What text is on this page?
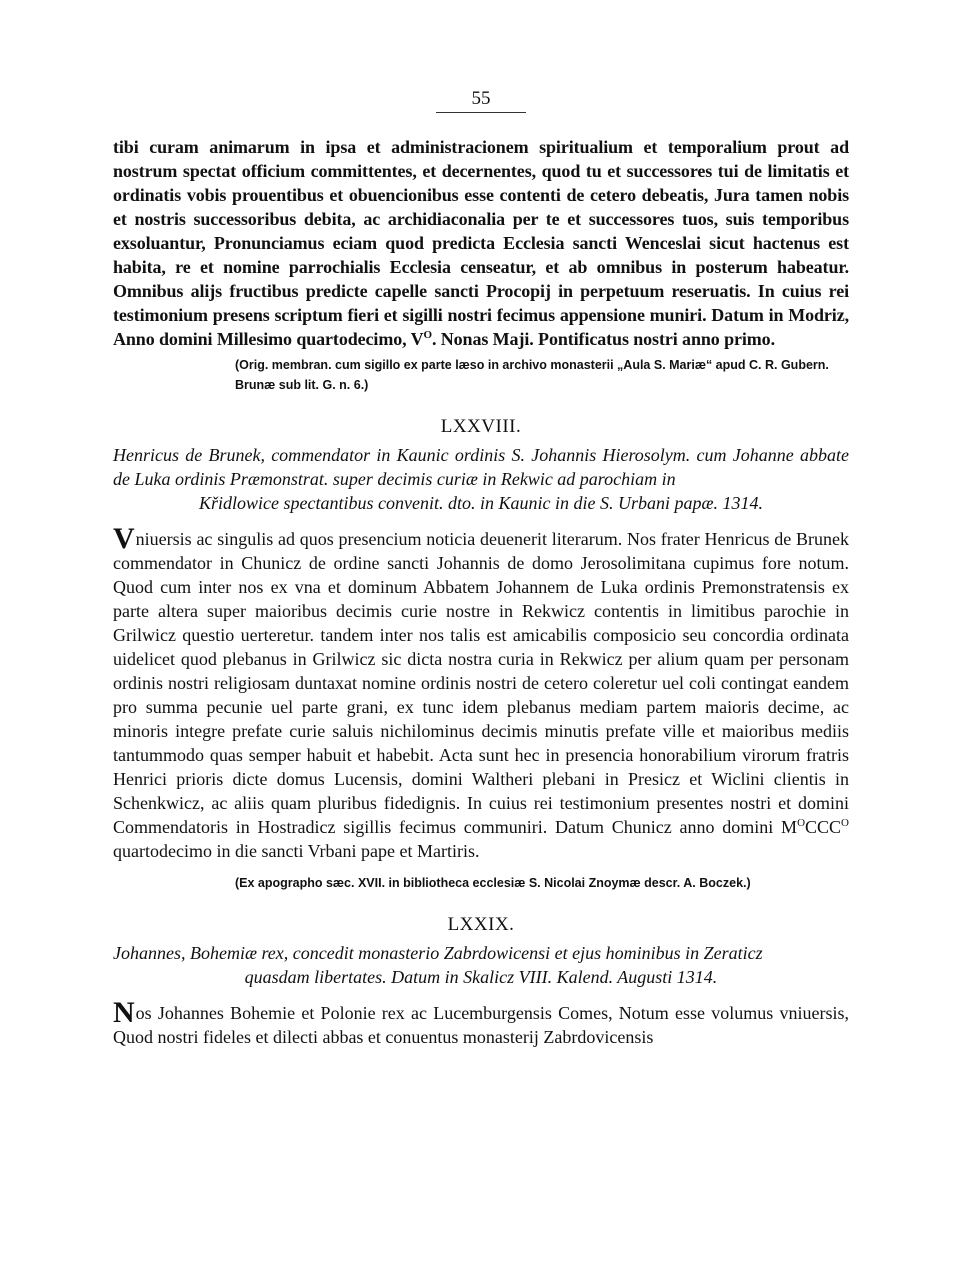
55

tibi curam animarum in ipsa et administracionem spiritualium et temporalium prout ad nostrum spectat officium committentes, et decernentes, quod tu et successores tui de limitatis et ordinatis vobis prouentibus et obuencionibus esse contenti de cetero debeatis, Jura tamen nobis et nostris successoribus debita, ac archidiaconalia per te et successores tuos, suis temporibus exsoluantur, Pronunciamus eciam quod predicta Ecclesia sancti Wenceslai sicut hactenus est habita, re et nomine parrochialis Ecclesia censeatur, et ab omnibus in posterum habeatur. Omnibus alijs fructibus predicte capelle sancti Procopij in perpetuum reseruatis. In cuius rei testimonium presens scriptum fieri et sigilli nostri fecimus appensione muniri. Datum in Modriz, Anno domini Millesimo quartodecimo, $V^O$. Nonas Maji. Pontificatus nostri anno primo.

(Orig. membran. cum sigillo ex parte læso in archivo monasterii „Aula S. Mariæ“ apud C. R. Gubern. Brunæ sub lit. G. n. 6.)

LXXVIII.

Henricus de Brunek, commendator in Kaunic ordinis S. Johannis Hierosolym. cum Johanne abbate de Luka ordinis Præmonstrat. super decimis curiæ in Rekwic ad parochiam in
Křidlowice spectantibus convenit. dto. in Kaunic in die S. Urbani papæ. 1314.

Vniuersis ac singulis ad quos presencium noticia deuenerit literarum. Nos frater Henricus de Brunek commendator in Chunicz de ordine sancti Johannis de domo Jerosolimitana cupimus fore notum. Quod cum inter nos ex vna et dominum Abbatem Johannem de Luka ordinis Premonstratensis ex parte altera super maioribus decimis curie nostre in Rekwicz contentis in limitibus parochie in Grilwicz questio uerteretur. tandem inter nos talis est amicabilis composicio seu concordia ordinata uidelicet quod plebanus in Grilwicz sic dicta nostra curia in Rekwicz per alium quam per personam ordinis nostri religiosam duntaxat nomine ordinis nostri de cetero coleretur uel coli contingat eandem pro summa pecunie uel parte grani, ex tunc idem plebanus mediam partem maioris decime, ac minoris integre prefate curie saluis nichilominus decimis minutis prefate ville et maioribus mediis tantummodo quas semper habuit et habebit. Acta sunt hec in presencia honorabilium virorum fratris Henrici prioris dicte domus Lucensis, domini Waltheri plebani in Presicz et Wiclini clientis in Schenkwicz, ac aliis quam pluribus fidedignis. In cuius rei testimonium presentes nostri et domini Commendatoris in Hostradicz sigillis fecimus communiri. Datum Chunicz anno domini $M^OCCC^O$ quartodecimo in die sancti Vrbani pape et Martiris.

(Ex apographo sæc. XVII. in bibliotheca ecclesiæ S. Nicolai Znoymæ descr. A. Boczek.)

LXXIX.

Johannes, Bohemiæ rex, concedit monasterio Zabrdowicensi et ejus hominibus in Zeraticz
quasdam libertates. Datum in Skalicz VIII. Kalend. Augusti 1314.

Nos Johannes Bohemie et Polonie rex ac Lucemburgensis Comes, Notum esse volumus vniuersis, Quod nostri fideles et dilecti abbas et conuentus monasterij Zabrdovicensis
